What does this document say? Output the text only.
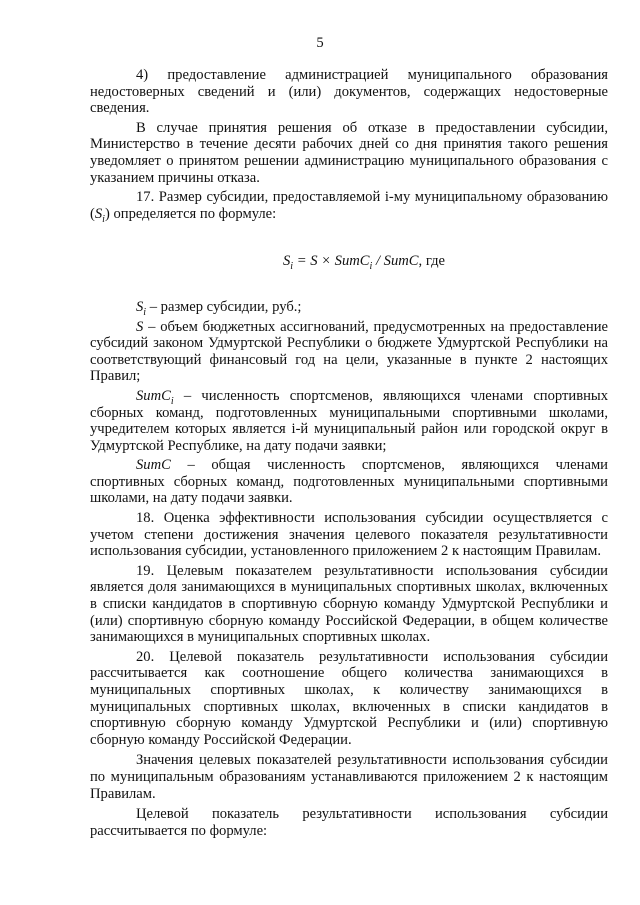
5

4) предоставление администрацией муниципального образования недостоверных сведений и (или) документов, содержащих недостоверные сведения.

В случае принятия решения об отказе в предоставлении субсидии, Министерство в течение десяти рабочих дней со дня принятия такого решения уведомляет о принятом решении администрацию муниципального образования с указанием причины отказа.

17. Размер субсидии, предоставляемой i-му муниципальному образованию $(S_i)$ определяется по формуле:

$S_i = S$ × SumC$_i$ / SumC, где

$S_i$ – размер субсидии, руб.;

S – объем бюджетных ассигнований, предусмотренных на предоставление субсидий законом Удмуртской Республики о бюджете Удмуртской Республики на соответствующий финансовый год на цели, указанные в пункте 2 настоящих Правил;

SumC$_i$ – численность спортсменов, являющихся членами спортивных сборных команд, подготовленных муниципальными спортивными школами, учредителем которых является i-й муниципальный район или городской округ в Удмуртской Республике, на дату подачи заявки;

SumC – общая численность спортсменов, являющихся членами спортивных сборных команд, подготовленных муниципальными спортивными школами, на дату подачи заявки.

18. Оценка эффективности использования субсидии осуществляется с учетом степени достижения значения целевого показателя результативности использования субсидии, установленного приложением 2 к настоящим Правилам.

19. Целевым показателем результативности использования субсидии является доля занимающихся в муниципальных спортивных школах, включенных в списки кандидатов в спортивную сборную команду Удмуртской Республики и (или) спортивную сборную команду Российской Федерации, в общем количестве занимающихся в муниципальных спортивных школах.

20. Целевой показатель результативности использования субсидии рассчитывается как соотношение общего количества занимающихся в муниципальных спортивных школах, к количеству занимающихся в муниципальных спортивных школах, включенных в списки кандидатов в спортивную сборную команду Удмуртской Республики и (или) спортивную сборную команду Российской Федерации.

Значения целевых показателей результативности использования субсидии по муниципальным образованиям устанавливаются приложением 2 к настоящим Правилам.

Целевой показатель результативности использования субсидии рассчитывается по формуле:
